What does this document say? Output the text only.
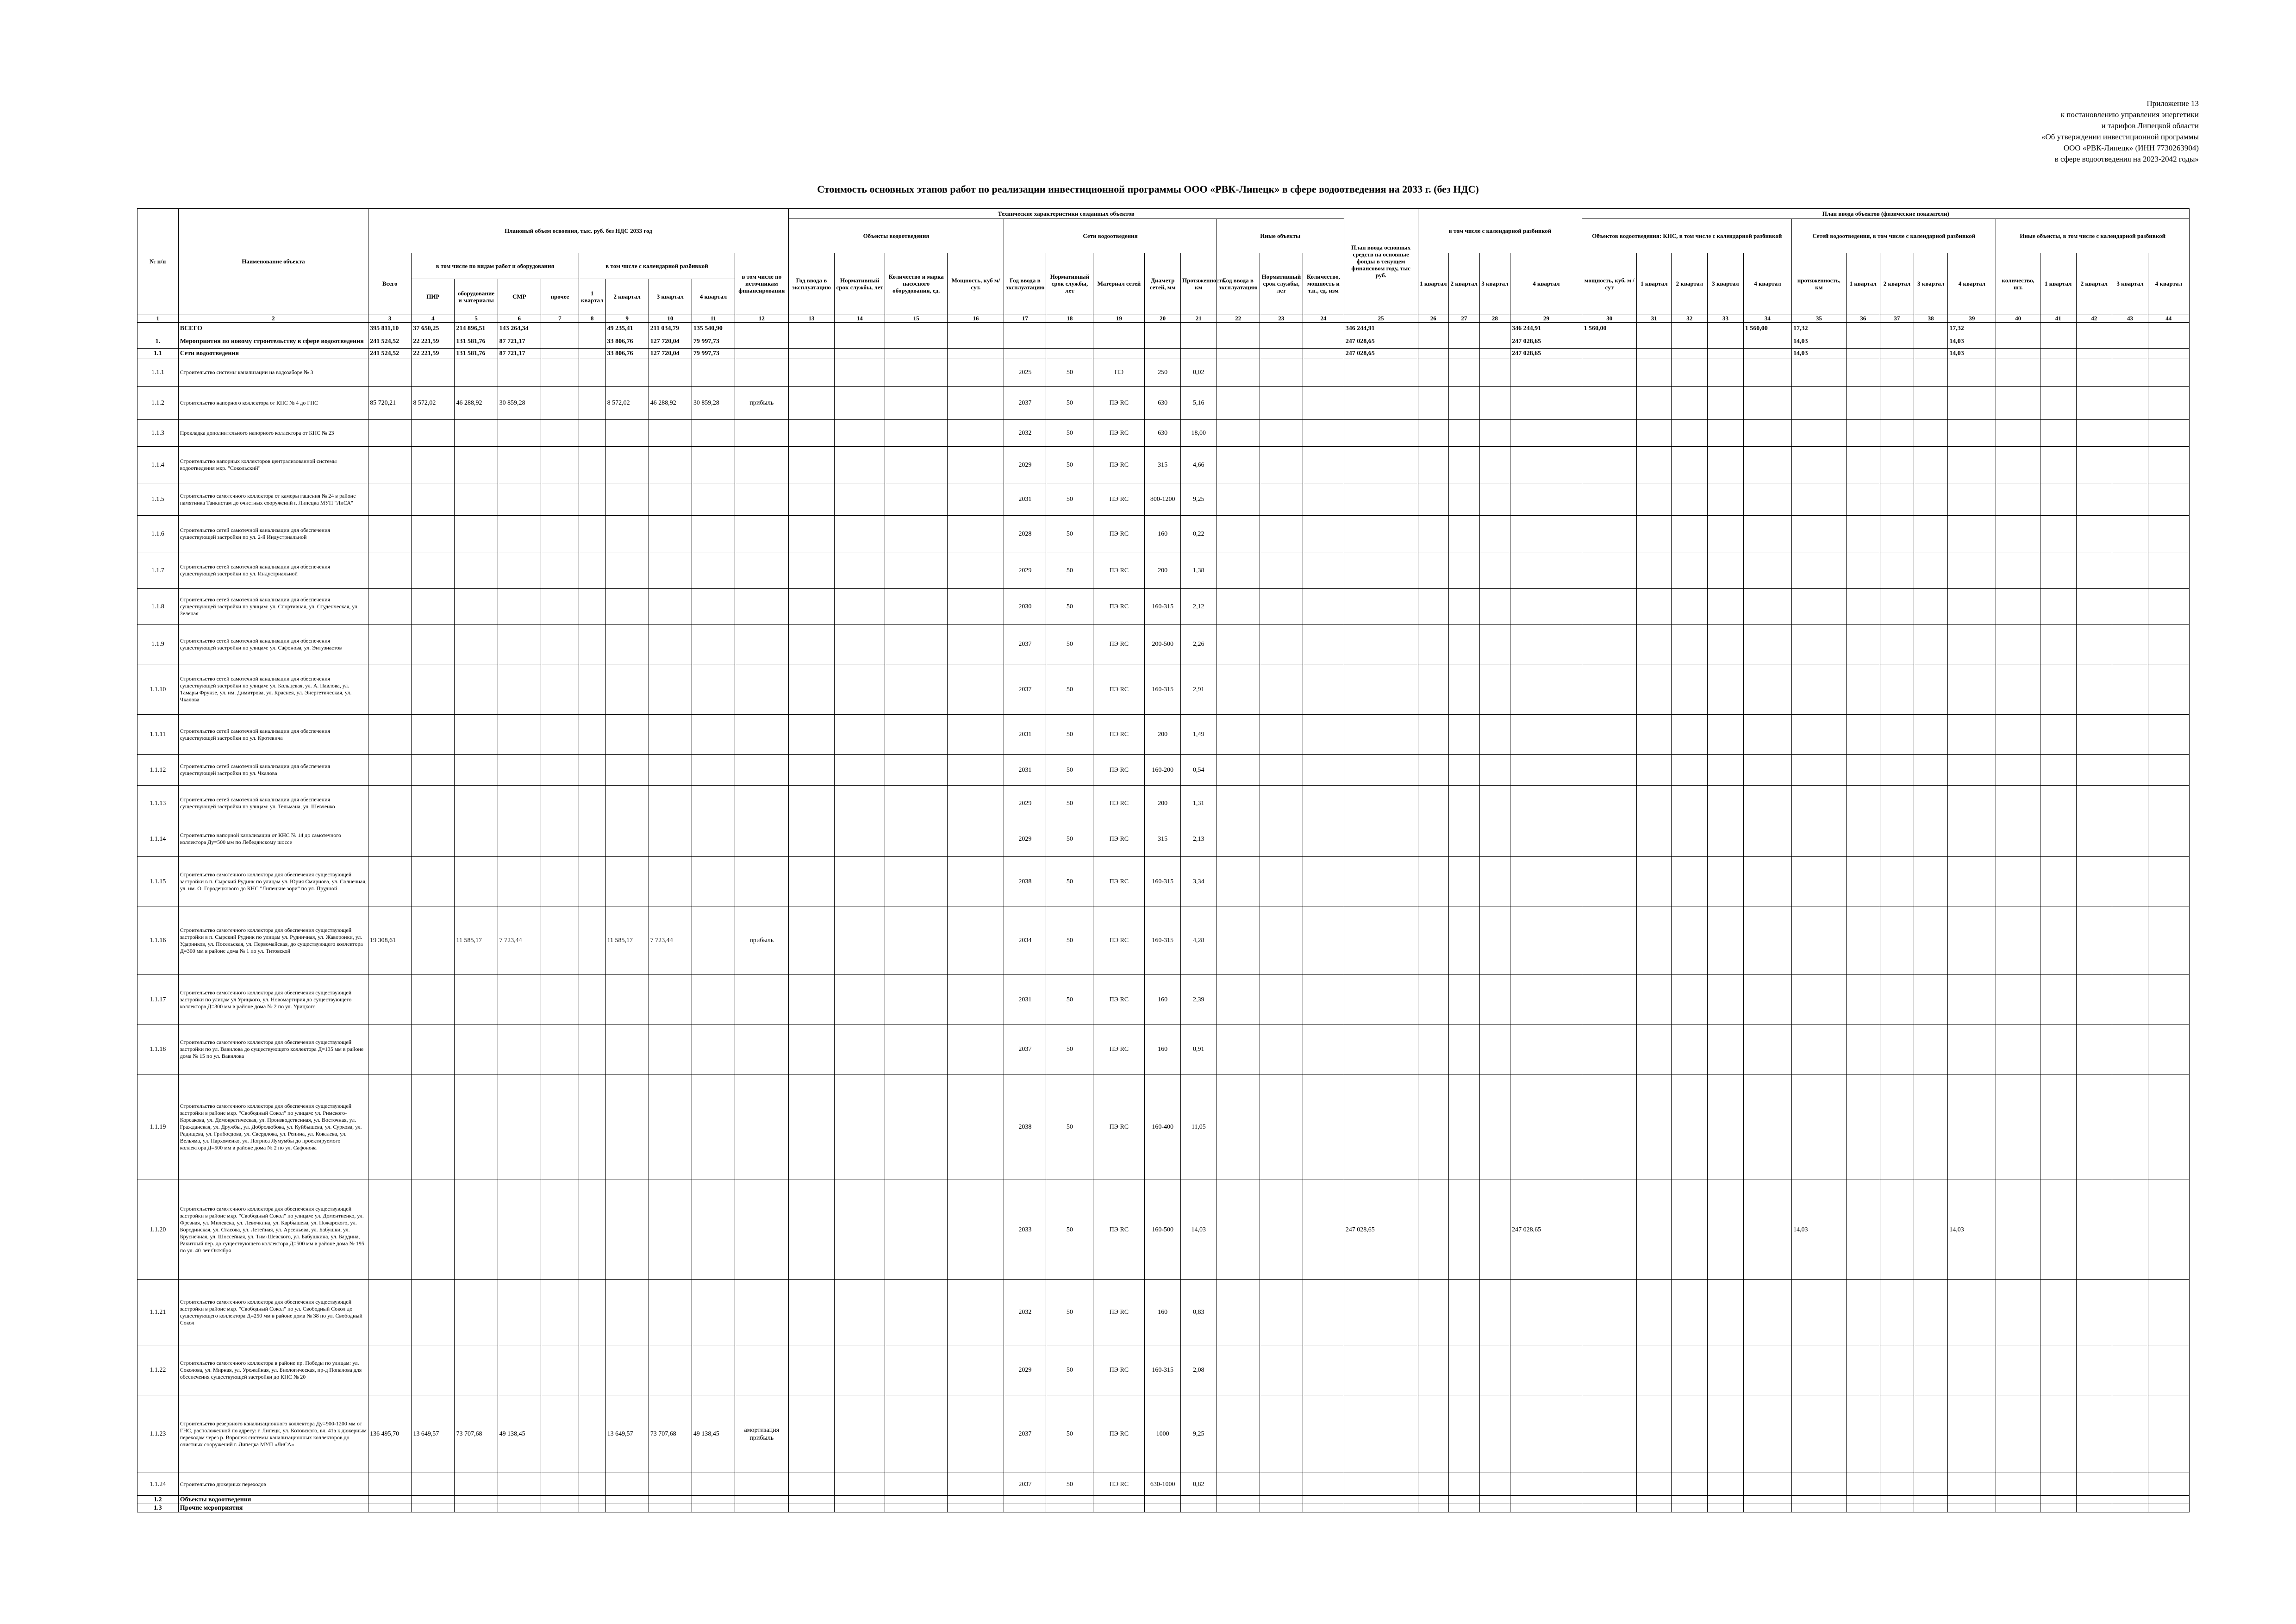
Приложение 13
к постановлению управления энергетики
и тарифов Липецкой области
«Об утверждении инвестиционной программы
ООО «РВК-Липецк» (ИНН 7730263904)
в сфере водоотведения на 2023-2042 годы»
Стоимость основных этапов работ по реализации инвестиционной программы ООО «РВК-Липецк» в сфере водоотведения на 2033 г. (без НДС)
№ п/п	Наименование объекта	Плановый объем освоения, тыс. руб. без НДС 2033 год										Технические характеристики созданных объектов												План ввода основных средств на основные фонды в текущем финансовом году, тыс руб.	в том числе с календарной разбивкой				План ввода объектов (физические показатели)														
												Объекты водоотведения				Сети водоотведения					Иные объекты								Объектов водоотведения: КНС, в том числе с календарной разбивкой					Сетей водоотведения, в том числе с календарной разбивкой					Иные объекты, в том числе с календарной разбивкой				
		Всего	в том числе по видам работ и оборудования				в том числе с календарной разбивкой				в том числе по источникам финансирования	Год ввода в эксплуатацию	Нормативный срок службы, лет	Количество и марка насосного оборудования, ед.	Мощность, куб м/ сут.	Год ввода в эксплуатацию	Нормативный срок службы, лет	Материал сетей	Диаметр сетей, мм	Протяженность, км	Год ввода в эксплуатацию	Нормативный срок службы, лет	Количество, мощность и т.п., ед. изм		1 квартал	2 квартал	3 квартал	4 квартал	мощность, куб. м / сут	1 квартал	2 квартал	3 квартал	4 квартал	протяженность, км	1 квартал	2 квартал	3 квартал	4 квартал	количество, шт.	1 квартал	2 квартал	3 квартал	4 квартал
			ПИР	оборудование и материалы	СМР	прочее	1 квартал	2 квартал	3 квартал	4 квартал																																	
1	2	3	4	5	6	7	8	9	10	11	12	13	14	15	16	17	18	19	20	21	22	23	24	25	26	27	28	29	30	31	32	33	34	35	36	37	38	39	40	41	42	43	44
	ВСЕГО	395 811,10	37 650,25	214 896,51	143 264,34			49 235,41	211 034,79	135 540,90														346 244,91				346 244,91	1 560,00				1 560,00	17,32				17,32					
1.	Мероприятия по новому строительству в сфере водоотведения	241 524,52	22 221,59	131 581,76	87 721,17			33 806,76	127 720,04	79 997,73														247 028,65				247 028,65						14,03				14,03					
1.1	Сети водоотведения	241 524,52	22 221,59	131 581,76	87 721,17			33 806,76	127 720,04	79 997,73														247 028,65				247 028,65						14,03				14,03					
1.1.1	Строительство системы канализации на водозаборе № 3															2025	50	ПЭ	250	0,02																							
1.1.2	Строительство напорного коллектора от КНС № 4 до ГНС	85 720,21	8 572,02	46 288,92	30 859,28			8 572,02	46 288,92	30 859,28	прибыль					2037	50	ПЭ RC	630	5,16																							
1.1.3	Прокладка дополнительного напорного коллектора от КНС № 23															2032	50	ПЭ RC	630	18,00																							
1.1.4	Строительство напорных коллекторов централизованной системы водоотведения мкр. "Сокольский"															2029	50	ПЭ RC	315	4,66																							
1.1.5	Строительство самотечного коллектора от камеры гашения № 24 в районе памятника Танкистам до очистных сооружений г. Липецка МУП "ЛиСА"															2031	50	ПЭ RC	800-1200	9,25																							
1.1.6	Строительство сетей самотечной канализации для обеспечения существующей застройки по ул. 2-й Индустриальной															2028	50	ПЭ RC	160	0,22																							
1.1.7	Строительство сетей самотечной канализации для обеспечения существующей застройки по ул. Индустриальной															2029	50	ПЭ RC	200	1,38																							
1.1.8	Строительство сетей самотечной канализации для обеспечения существующей застройки по улицам: ул. Спортивная, ул. Студенческая, ул. Зеленая															2030	50	ПЭ RC	160-315	2,12																							
1.1.9	Строительство сетей самотечной канализации для обеспечения существующей застройки по улицам: ул. Сафонова, ул. Энтузиастов															2037	50	ПЭ RC	200-500	2,26																							
1.1.10	Строительство сетей самотечной канализации для обеспечения существующей застройки по улицам: ул. Кольцевая, ул. А. Павлова, ул. Тамары Фрунзе, ул. им. Димитрова, ул. Краснея, ул. Энергетическая, ул. Чкалова															2037	50	ПЭ RC	160-315	2,91																							
1.1.11	Строительство сетей самотечной канализации для обеспечения существующей застройки по ул. Кротевича															2031	50	ПЭ RC	200	1,49																							
1.1.12	Строительство сетей самотечной канализации для обеспечения существующей застройки по ул. Чкалова															2031	50	ПЭ RC	160-200	0,54																							
1.1.13	Строительство сетей самотечной канализации для обеспечения существующей застройки по улицам: ул. Тельмана, ул. Шевченко															2029	50	ПЭ RC	200	1,31																							
1.1.14	Строительство напорной канализации от КНС № 14 до самотечного коллектора Ду=500 мм по Лебедянскому шоссе															2029	50	ПЭ RC	315	2,13																							
1.1.15	Строительство самотечного коллектора для обеспечения существующей застройки в п. Сырский Рудник по улицам ул. Юрия Смирнова, ул. Солнечная, ул. им. О. Городецкового до КНС "Липецкие зори" по ул. Прудной															2038	50	ПЭ RC	160-315	3,34																							
1.1.16	Строительство самотечного коллектора для обеспечения существующей застройки в п. Сырский Рудник по улицам ул. Рудничная, ул. Жаворонки, ул. Ударников, ул. Посельская, ул. Первомайская, до существующего коллектора Д=300 мм в районе дома № 1 по ул. Титовской	19 308,61		11 585,17	7 723,44			11 585,17	7 723,44		прибыль					2034	50	ПЭ RC	160-315	4,28																							
1.1.17	Строительство самотечного коллектора для обеспечения существующей застройки по улицам ул Урицкого, ул. Новомартирия до существующего коллектора Д=300 мм в районе дома № 2 по ул. Урицкого															2031	50	ПЭ RC	160	2,39																							
1.1.18	Строительство самотечного коллектора для обеспечения существующей застройки по ул. Вавилова до существующего коллектора Д=135 мм в районе дома № 15 по ул. Вавилова															2037	50	ПЭ RC	160	0,91																							
1.1.19	Строительство самотечного коллектора для обеспечения существующей застройки в районе мкр. "Свободный Сокол" по улицам: ул. Римского-Корсакова, ул. Демократическая, ул. Производственная, ул. Восточная, ул. Гражданская, ул. Дружбы, ул. Добролюбова, ул. Куйбышева, ул. Суркова, ул. Радищева, ул. Грибоедова, ул. Свердлова, ул. Репина, ул. Ковалева, ул. Вельяма, ул. Пархоменко, ул. Патриса Лумумбы до проектируемого коллектора Д=500 мм в районе дома № 2 по ул. Сафонова															2038	50	ПЭ RC	160-400	11,05																							
1.1.20	Строительство самотечного коллектора для обеспечения существующей застройки в районе мкр. "Свободный Сокол" по улицам: ул. Доментиенко, ул. Фрезная, ул. Милевска, ул. Левочкина, ул. Карбышева, ул. Пожарского, ул. Бородинская, ул. Стасова, ул. Летейная, ул. Арсеньева, ул. Бабушки, ул. Бруснечная, ул. Шоссейная, ул. Тим-Шевского, ул. Бабушкина, ул. Бардина, Ракитный пер. до существующего коллектора Д=500 мм в районе дома № 195 по ул. 40 лет Октября															2033	50	ПЭ RC	160-500	14,03				247 028,65				247 028,65						14,03				14,03					
1.1.21	Строительство самотечного коллектора для обеспечения существующей застройки в районе мкр. "Свободный Сокол" по ул. Свободный Сокол до существующего коллектора Д=250 мм в районе дома № 38 по ул. Свободный Сокол															2032	50	ПЭ RC	160	0,83																							
1.1.22	Строительство самотечного коллектора в районе пр. Победы по улицам: ул. Соколова, ул. Мирная, ул. Урожайная, ул. Биологическая, пр-д Попалова для обеспечения существующей застройки до КНС № 20															2029	50	ПЭ RC	160-315	2,08																							
1.1.23	Строительство резервного канализационного коллектора Ду=900-1200 мм от ГНС, расположенной по адресу: г. Липецк, ул. Котовского, вл. 41а к дюкерным переходам через р. Воронеж системы канализационных коллекторов до очистных сооружений г. Липецка МУП «ЛиСА»	136 495,70	13 649,57	73 707,68	49 138,45			13 649,57	73 707,68	49 138,45	амортизация прибыль					2037	50	ПЭ RC	1000	9,25																							
1.1.24	Строительство дюкерных переходов															2037	50	ПЭ RC	630-1000	0,82																							
1.2	Объекты водоотведения																																										
1.3	Прочие мероприятия																																										
